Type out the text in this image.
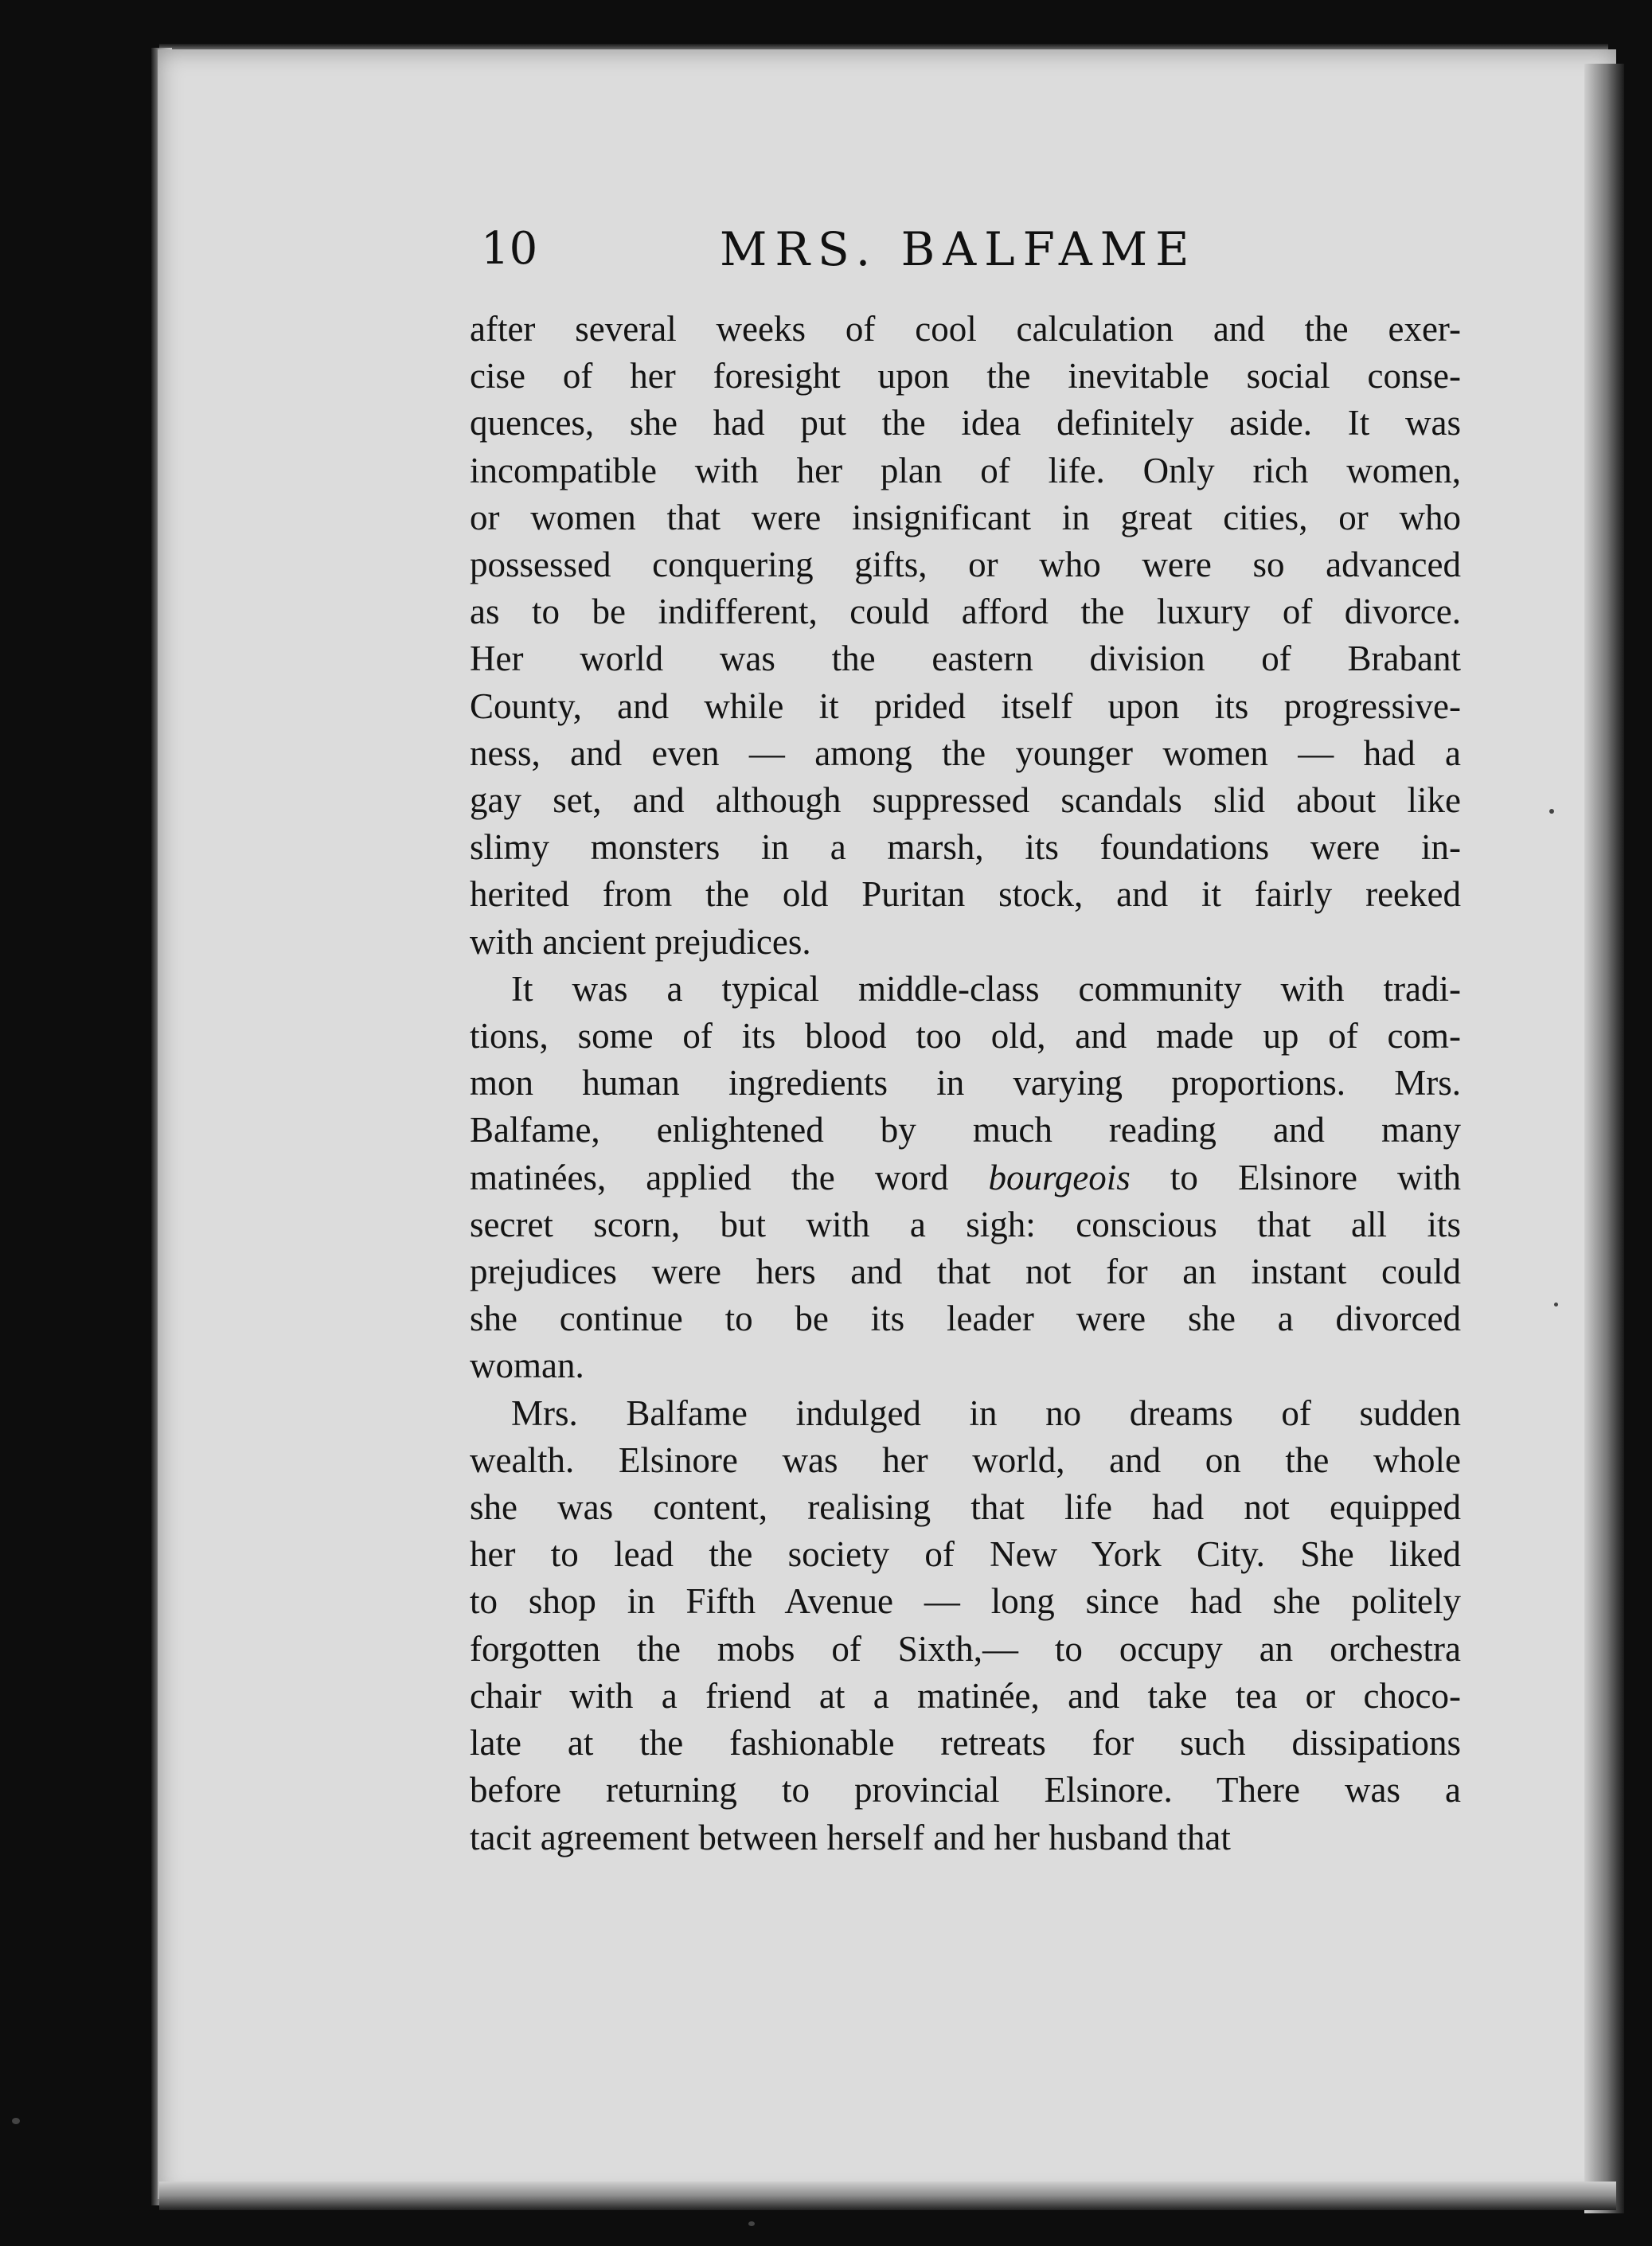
10	MRS. BALFAME

after several weeks of cool calculation and the exer-
cise of her foresight upon the inevitable social conse-
quences, she had put the idea definitely aside. It was
incompatible with her plan of life. Only rich women,
or women that were insignificant in great cities, or who
possessed conquering gifts, or who were so advanced
as to be indifferent, could afford the luxury of divorce.
Her world was the eastern division of Brabant
County, and while it prided itself upon its progressive-
ness, and even — among the younger women — had a
gay set, and although suppressed scandals slid about like
slimy monsters in a marsh, its foundations were in-
herited from the old Puritan stock, and it fairly reeked
with ancient prejudices.

It was a typical middle-class community with tradi-
tions, some of its blood too old, and made up of com-
mon human ingredients in varying proportions. Mrs.
Balfame, enlightened by much reading and many
matinées, applied the word bourgeois to Elsinore with
secret scorn, but with a sigh: conscious that all its
prejudices were hers and that not for an instant could
she continue to be its leader were she a divorced
woman.

Mrs. Balfame indulged in no dreams of sudden
wealth. Elsinore was her world, and on the whole
she was content, realising that life had not equipped
her to lead the society of New York City. She liked
to shop in Fifth Avenue — long since had she politely
forgotten the mobs of Sixth,— to occupy an orchestra
chair with a friend at a matinée, and take tea or choco-
late at the fashionable retreats for such dissipations
before returning to provincial Elsinore. There was a
tacit agreement between herself and her husband that
